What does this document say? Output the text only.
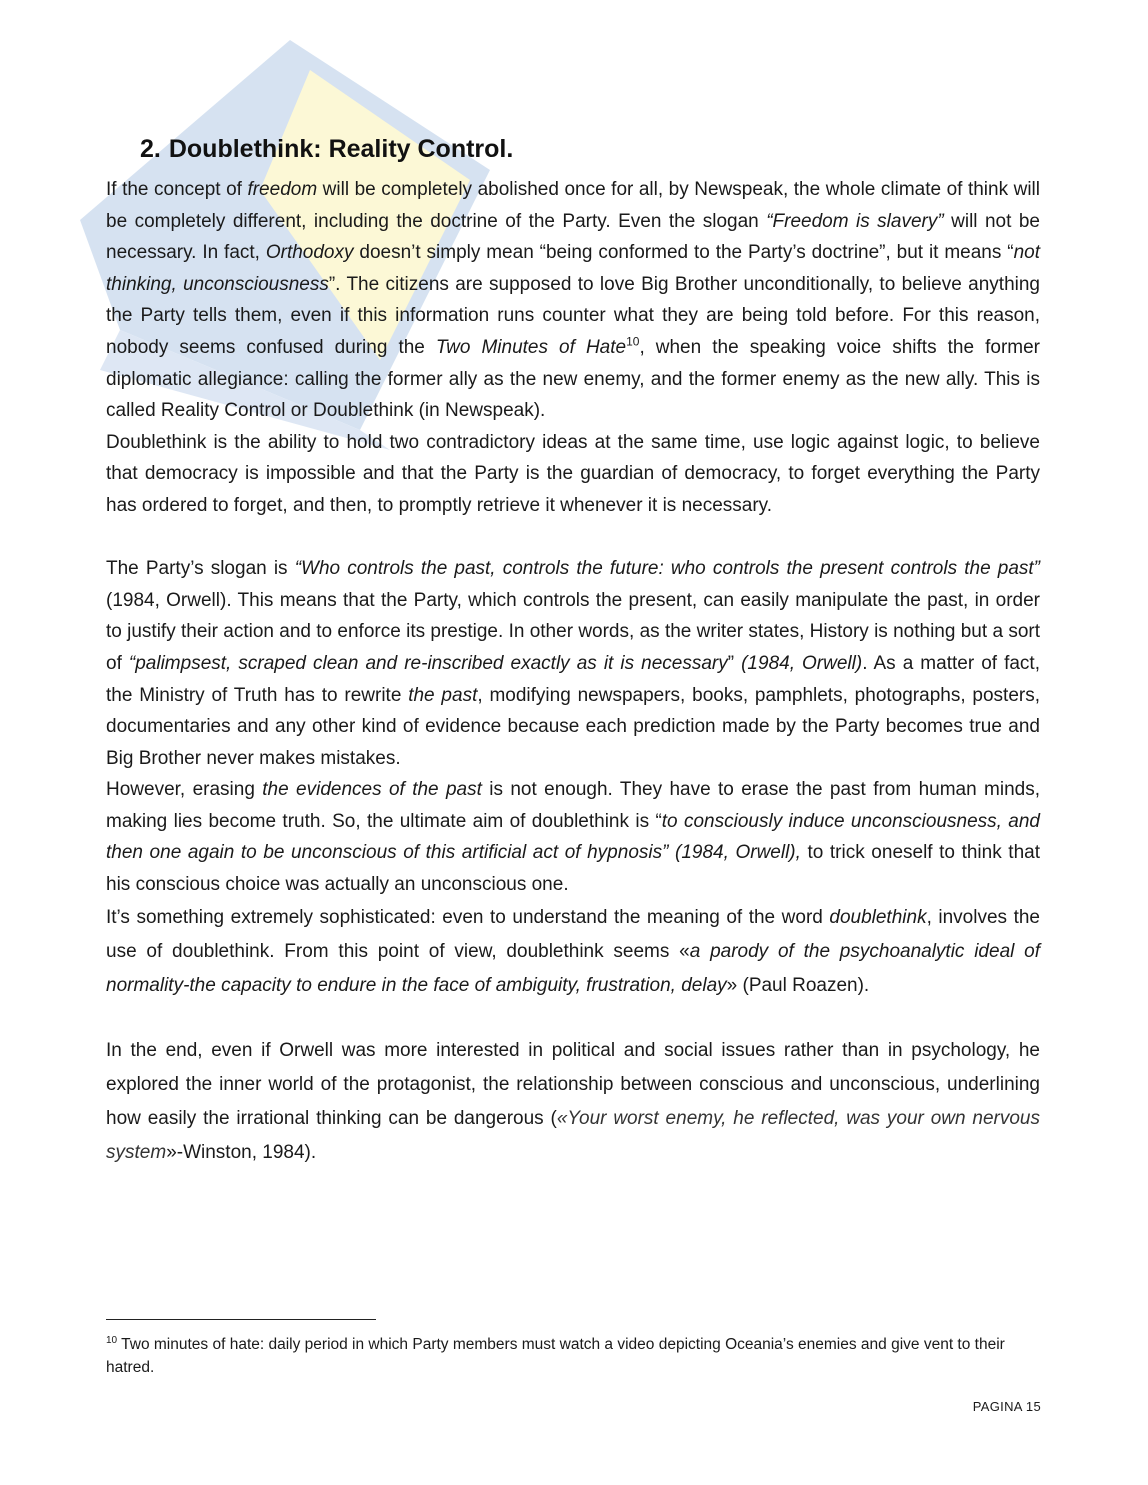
2. Doublethink: Reality Control.

If the concept of freedom will be completely abolished once for all, by Newspeak, the whole climate of think will be completely different, including the doctrine of the Party. Even the slogan “Freedom is slavery” will not be necessary. In fact, Orthodoxy doesn’t simply mean “being conformed to the Party’s doctrine”, but it means “not thinking, unconsciousness”. The citizens are supposed to love Big Brother unconditionally, to believe anything the Party tells them, even if this information runs counter what they are being told before. For this reason, nobody seems confused during the Two Minutes of Hate$^{10}$, when the speaking voice shifts the former diplomatic allegiance: calling the former ally as the new enemy, and the former enemy as the new ally. This is called Reality Control or Doublethink (in Newspeak).

Doublethink is the ability to hold two contradictory ideas at the same time, use logic against logic, to believe that democracy is impossible and that the Party is the guardian of democracy, to forget everything the Party has ordered to forget, and then, to promptly retrieve it whenever it is necessary.

The Party’s slogan is “Who controls the past, controls the future: who controls the present controls the past” (1984, Orwell). This means that the Party, which controls the present, can easily manipulate the past, in order to justify their action and to enforce its prestige. In other words, as the writer states, History is nothing but a sort of “palimpsest, scraped clean and re-inscribed exactly as it is necessary” (1984, Orwell). As a matter of fact, the Ministry of Truth has to rewrite the past, modifying newspapers, books, pamphlets, photographs, posters, documentaries and any other kind of evidence because each prediction made by the Party becomes true and Big Brother never makes mistakes.

However, erasing the evidences of the past is not enough. They have to erase the past from human minds, making lies become truth. So, the ultimate aim of doublethink is “to consciously induce unconsciousness, and then one again to be unconscious of this artificial act of hypnosis” (1984, Orwell), to trick oneself to think that his conscious choice was actually an unconscious one.

It’s something extremely sophisticated: even to understand the meaning of the word doublethink, involves the use of doublethink. From this point of view, doublethink seems «a parody of the psychoanalytic ideal of normality-the capacity to endure in the face of ambiguity, frustration, delay» (Paul Roazen).

In the end, even if Orwell was more interested in political and social issues rather than in psychology, he explored the inner world of the protagonist, the relationship between conscious and unconscious, underlining how easily the irrational thinking can be dangerous («Your worst enemy, he reflected, was your own nervous system»-Winston, 1984).

$^{10}$ Two minutes of hate: daily period in which Party members must watch a video depicting Oceania’s enemies and give vent to their hatred.
PAGINA 15
